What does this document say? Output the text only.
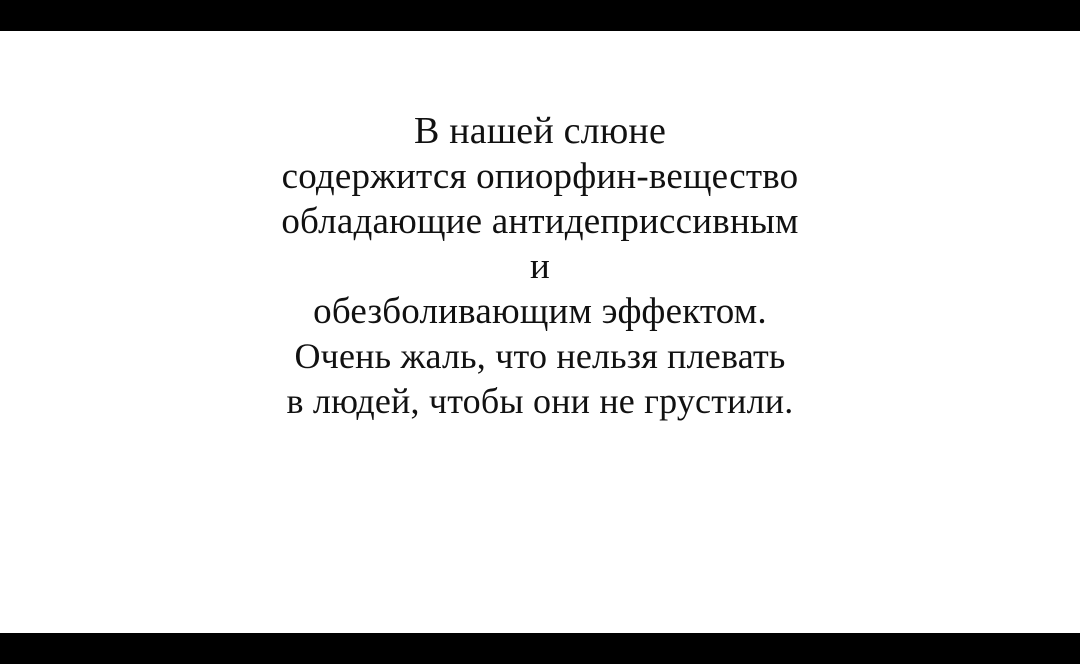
В нашей слюне
содержится опиорфин‑вещество
обладающие антидеприссивным
и
обезболивающим эффектом.
Очень жаль, что нельзя плевать
в людей, чтобы они не грустили.
